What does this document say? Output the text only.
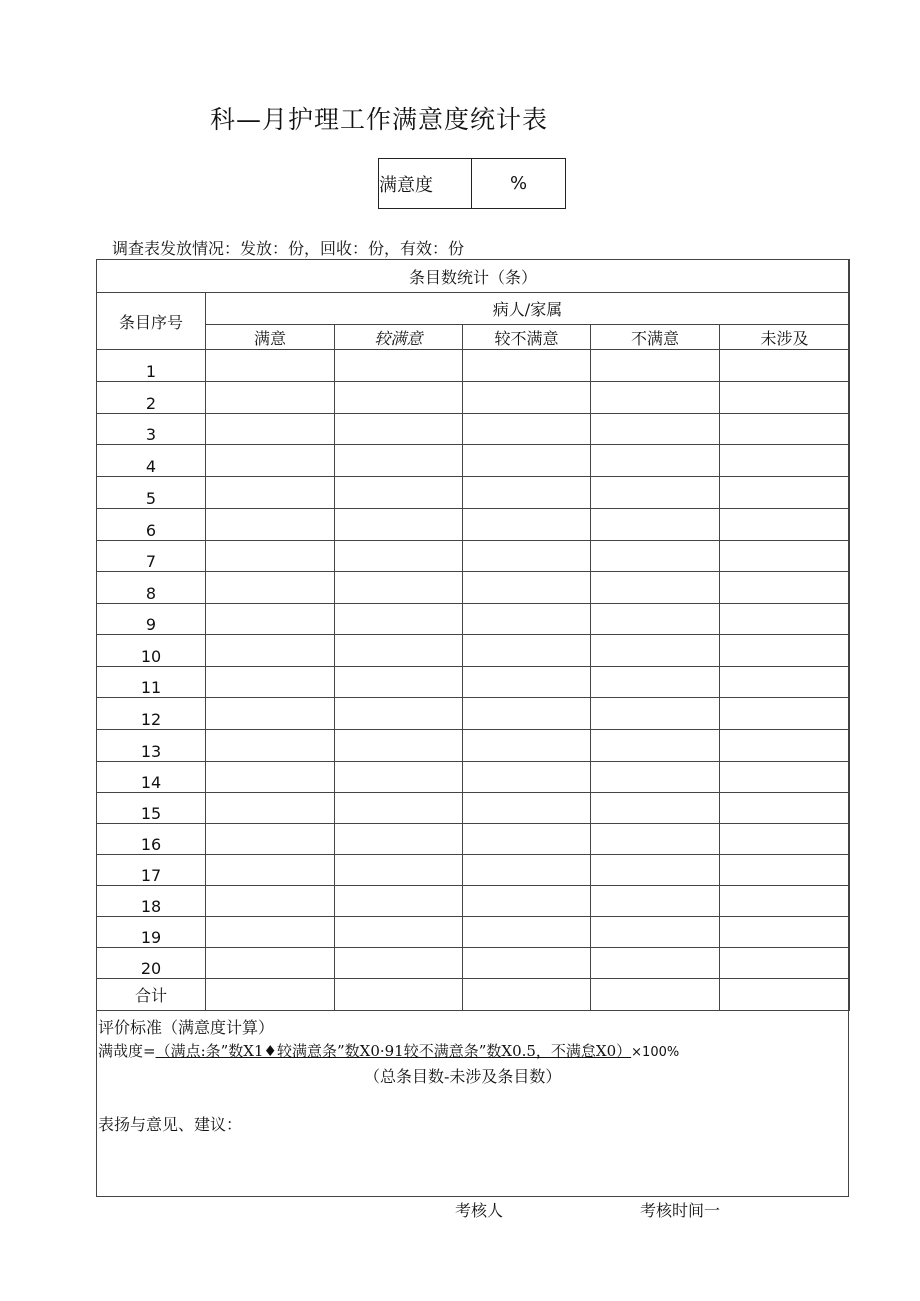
科—月护理工作满意度统计表
满意度	%
调查表发放情况：发放：份，回收：份，有效：份
条目数统计（条）					
条目序号	病人/家属				
	满意	较满意	较不满意	不满意	未涉及
1					
2					
3					
4					
5					
6					
7					
8					
9					
10					
11					
12					
13					
14					
15					
16					
17					
18					
19					
20					
合计					
评价标准（满意度计算）
满哉度=（满点:条”数X1♦较满意条”数X0·91较不满意条”数X0.5，不满怠X0）×100%
（总条目数-未涉及条目数）
表扬与意见、建议：
考核人	考核时间一
